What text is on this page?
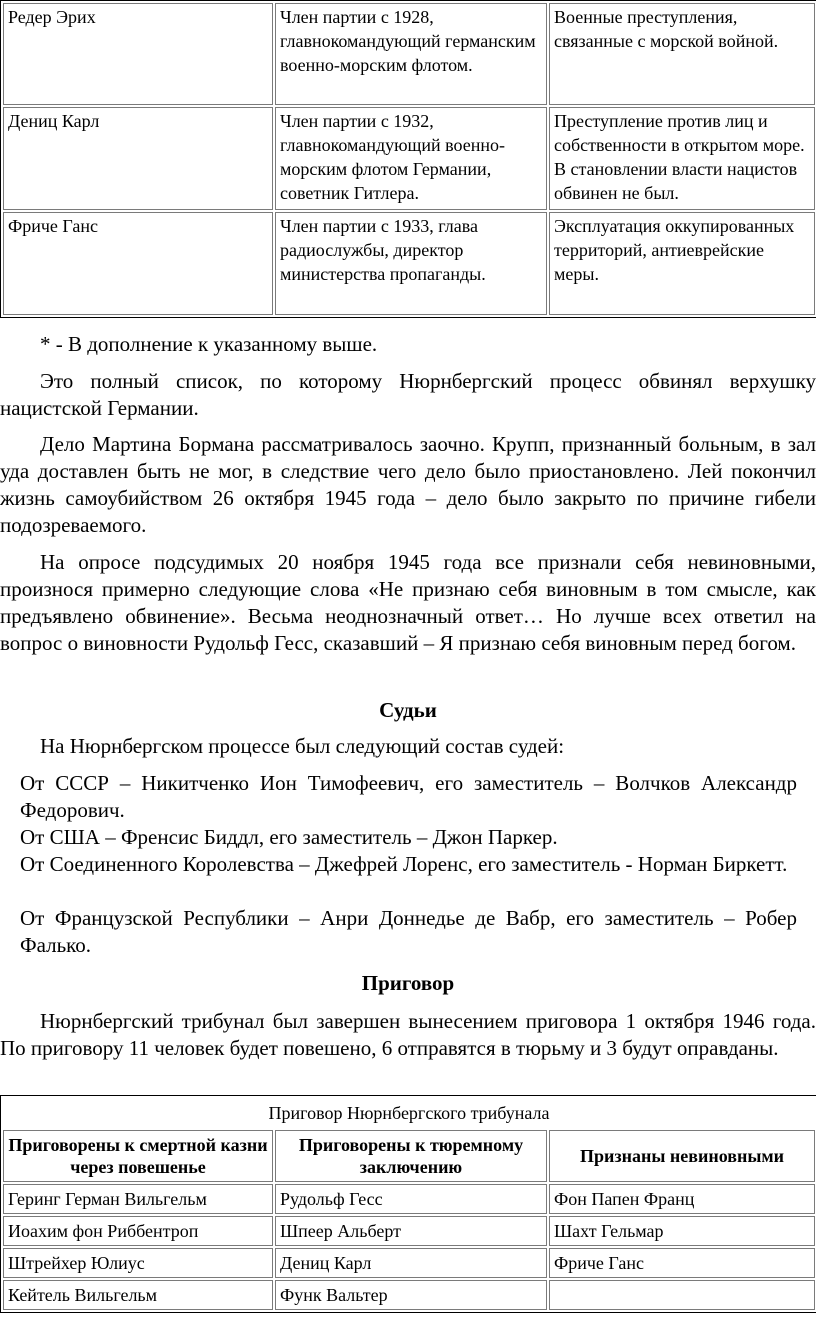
Редер Эрих	Член партии с 1928, главнокомандующий германским военно-морским флотом.	Военные преступления, связанные с морской войной.
Дениц Карл	Член партии с 1932, главнокомандующий военно-морским флотом Германии, советник Гитлера.	Преступление против лиц и собственности в открытом море. В становлении власти нацистов обвинен не был.
Фриче Ганс	Член партии с 1933, глава радиослужбы, директор министерства пропаганды.	Эксплуатация оккупированных территорий, антиеврейские меры.

* - В дополнение к указанному выше.

Это полный список, по которому Нюрнбергский процесс обвинял верхушку нацистской Германии.

Дело Мартина Бормана рассматривалось заочно. Крупп, признанный больным, в зал уда доставлен быть не мог, в следствие чего дело было приостановлено. Лей покончил жизнь самоубийством 26 октября 1945 года – дело было закрыто по причине гибели подозреваемого.

На опросе подсудимых 20 ноября 1945 года все признали себя невиновными, произнося примерно следующие слова «Не признаю себя виновным в том смысле, как предъявлено обвинение». Весьма неоднозначный ответ… Но лучше всех ответил на вопрос о виновности Рудольф Гесс, сказавший – Я признаю себя виновным перед богом.

Судьи

На Нюрнбергском процессе был следующий состав судей:

От СССР – Никитченко Ион Тимофеевич, его заместитель – Волчков Александр Федорович.

От США – Френсис Биддл, его заместитель – Джон Паркер.

От Соединенного Королевства – Джефрей Лоренс, его заместитель - Норман Биркетт.

От Французской Республики – Анри Доннедье де Вабр, его заместитель – Робер Фалько.

Приговор

Нюрнбергский трибунал был завершен вынесением приговора 1 октября 1946 года. По приговору 11 человек будет повешено, 6 отправятся в тюрьму и 3 будут оправданы.

Приговор Нюрнбергского трибунала		
Приговорены к смертной казни через повешенье	Приговорены к тюремному заключению	Признаны невиновными
Геринг Герман Вильгельм	Рудольф Гесс	Фон Папен Франц
Иоахим фон Риббентроп	Шпеер Альберт	Шахт Гельмар
Штрейхер Юлиус	Дениц Карл	Фриче Ганс
Кейтель Вильгельм	Функ Вальтер	
